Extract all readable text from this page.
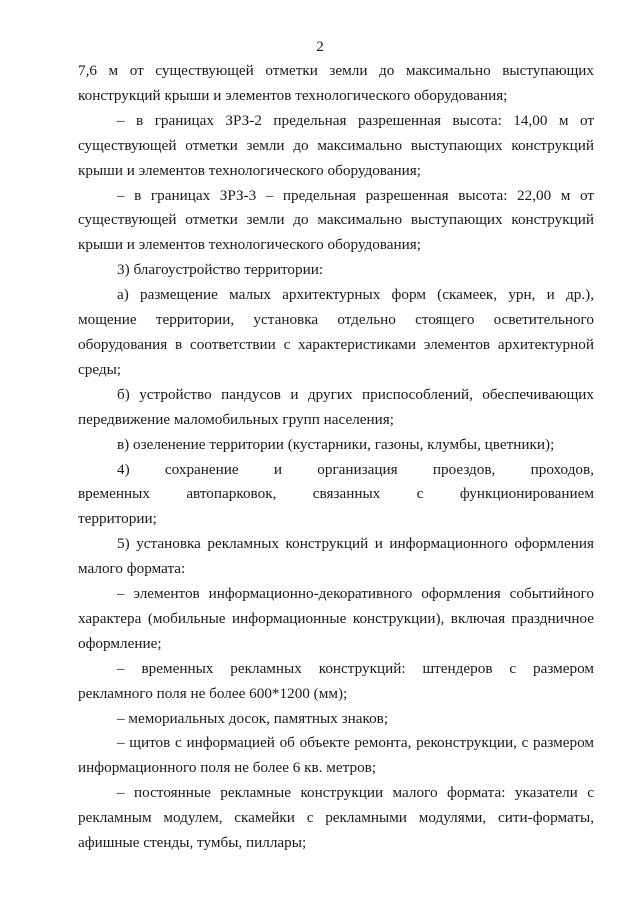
2

7,6 м от существующей отметки земли до максимально выступающих конструкций крыши и элементов технологического оборудования;

– в границах ЗРЗ-2 предельная разрешенная высота: 14,00 м от существующей отметки земли до максимально выступающих конструкций крыши и элементов технологического оборудования;

– в границах ЗРЗ-3 – предельная разрешенная высота: 22,00 м от существующей отметки земли до максимально выступающих конструкций крыши и элементов технологического оборудования;

3) благоустройство территории:

а) размещение малых архитектурных форм (скамеек, урн, и др.), мощение территории, установка отдельно стоящего осветительного оборудования в соответствии с характеристиками элементов архитектурной среды;

б) устройство пандусов и других приспособлений, обеспечивающих передвижение маломобильных групп населения;

в) озеленение территории (кустарники, газоны, клумбы, цветники);

4) сохранение и организация проездов, проходов, временных автопарковок, связанных с функционированием территории;

5) установка рекламных конструкций и информационного оформления малого формата:

– элементов информационно-декоративного оформления событийного характера (мобильные информационные конструкции), включая праздничное оформление;

– временных рекламных конструкций: штендеров с размером рекламного поля не более 600*1200 (мм);

– мемориальных досок, памятных знаков;

– щитов с информацией об объекте ремонта, реконструкции, с размером информационного поля не более 6 кв. метров;

– постоянные рекламные конструкции малого формата: указатели с рекламным модулем, скамейки с рекламными модулями, сити-форматы, афишные стенды, тумбы, пиллары;
